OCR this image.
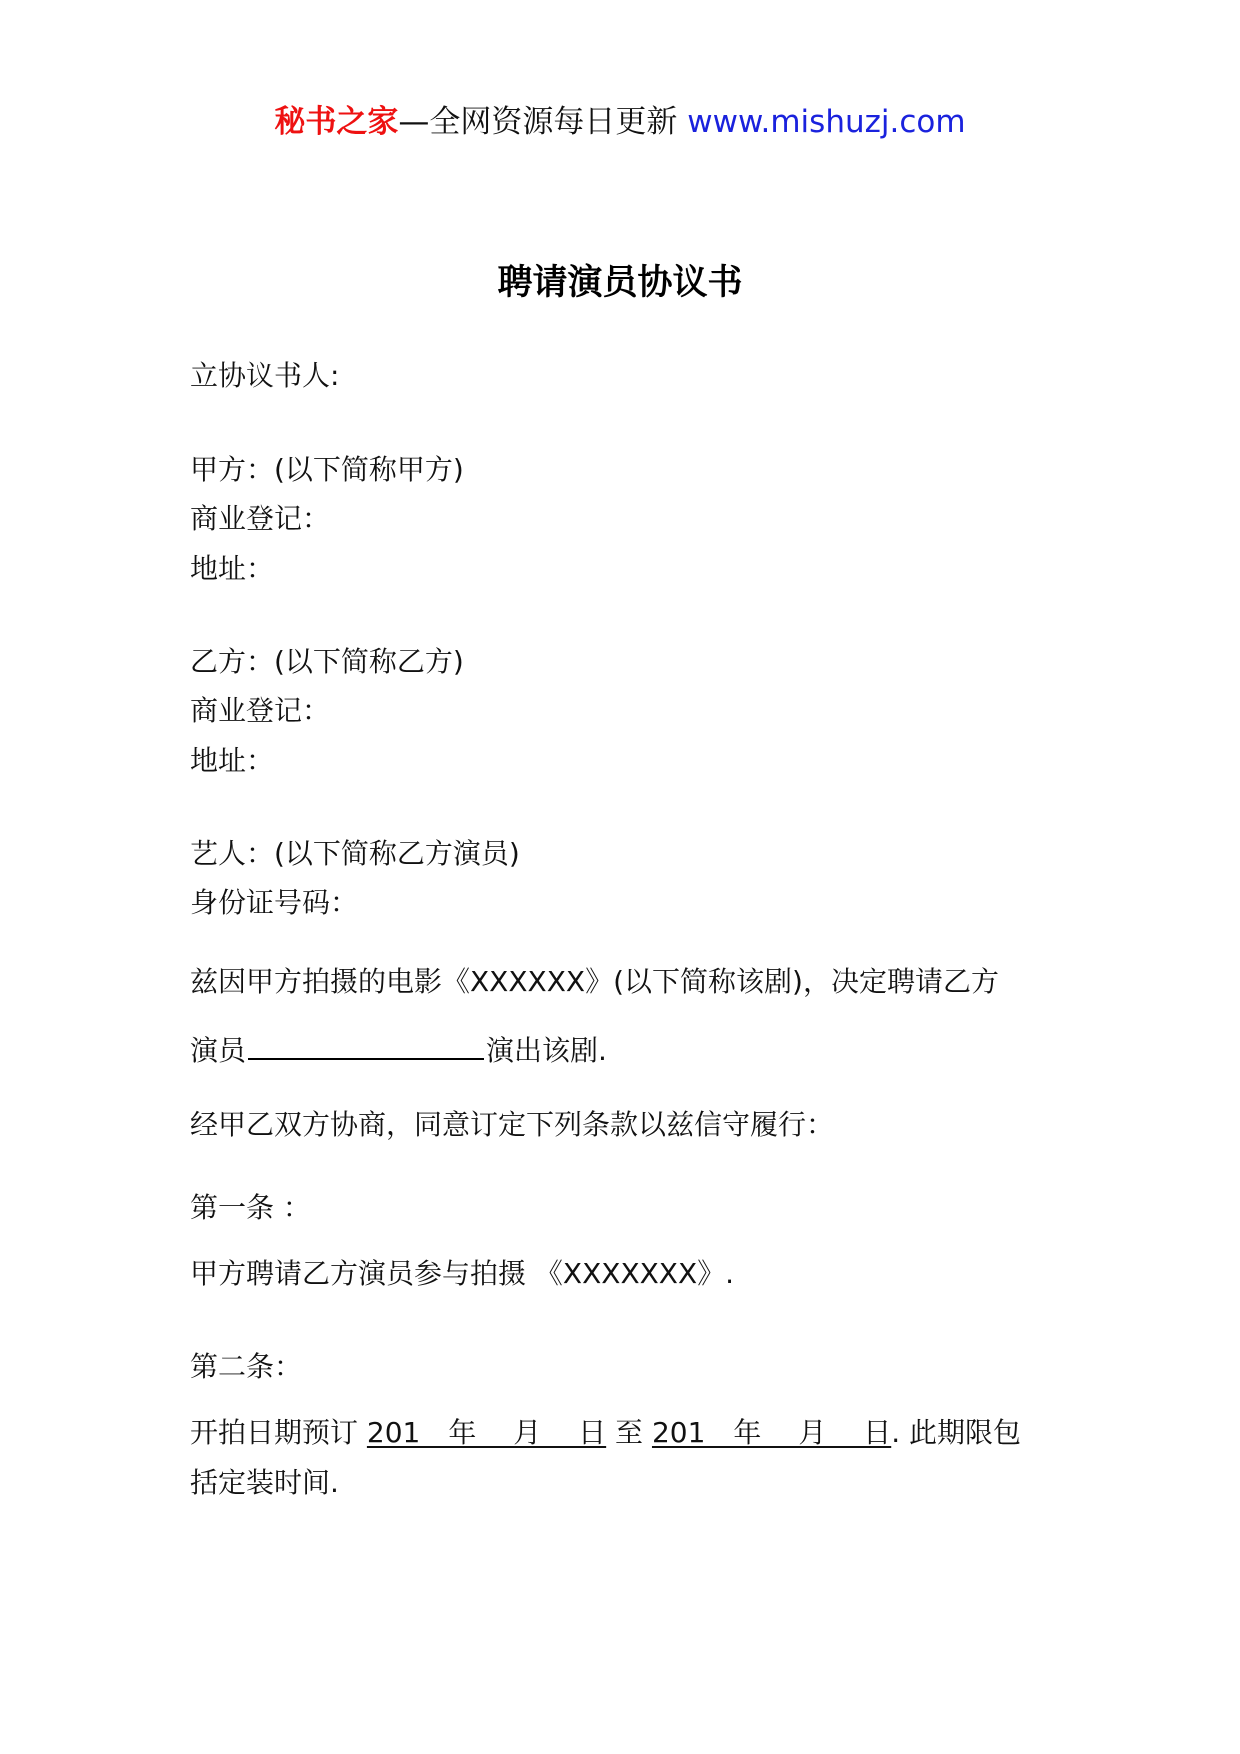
秘书之家—全网资源每日更新 www.mishuzj.com
聘请演员协议书
立协议书人:
甲方：(以下简称甲方)
商业登记：
地址：
乙方：(以下简称乙方)
商业登记：
地址：
艺人：(以下简称乙方演员)
身份证号码：
兹因甲方拍摄的电影《XXXXXX》(以下简称该剧)，决定聘请乙方
演员	演出该剧.
经甲乙双方协商，同意订定下列条款以兹信守履行：
第一条 ：
甲方聘请乙方演员参与拍摄 《XXXXXXX》.
第二条：
开拍日期预订 201　年　 月　 日 至 201　年　 月　 日. 此期限包
括定装时间.
